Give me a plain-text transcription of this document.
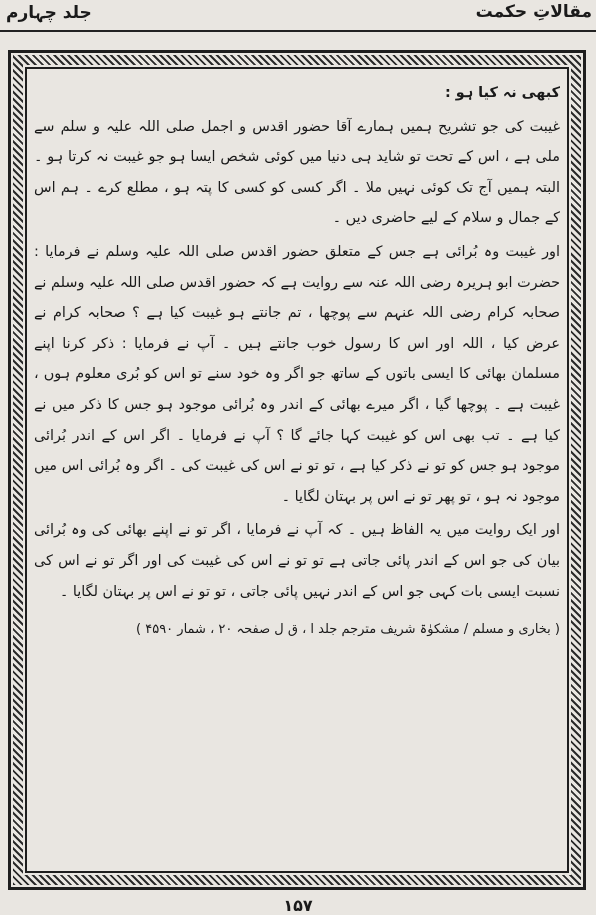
مقالاتِ حکمت
جلد چہارم

کبھی نہ کیا ہو :

غیبت کی جو تشریح ہمیں ہمارے آقا حضور اقدس و اجمل صلی اللہ علیہ و سلم سے ملی ہے ، اس کے تحت تو شاید ہی دنیا میں کوئی شخص ایسا ہو جو غیبت نہ کرتا ہو ۔ البتہ ہمیں آج تک کوئی نہیں ملا ۔ اگر کسی کو کسی کا پتہ ہو ، مطلع کرے ۔ ہم اس کے جمال و سلام کے لیے حاضری دیں ۔

اور غیبت وہ بُرائی ہے جس کے متعلق حضور اقدس صلی اللہ علیہ وسلم نے فرمایا : حضرت ابو ہریرہ رضی اللہ عنہ سے روایت ہے کہ حضور اقدس صلی اللہ علیہ وسلم نے صحابہ کرام رضی اللہ عنہم سے پوچھا ، تم جانتے ہو غیبت کیا ہے ؟ صحابہ کرام نے عرض کیا ، اللہ اور اس کا رسول خوب جانتے ہیں ۔ آپ نے فرمایا : ذکر کرنا اپنے مسلمان بھائی کا ایسی باتوں کے ساتھ جو اگر وہ خود سنے تو اس کو بُری معلوم ہوں ، غیبت ہے ۔ پوچھا گیا ، اگر میرے بھائی کے اندر وہ بُرائی موجود ہو جس کا ذکر میں نے کیا ہے ۔ تب بھی اس کو غیبت کہا جائے گا ؟ آپ نے فرمایا ۔ اگر اس کے اندر بُرائی موجود ہو جس کو تو نے ذکر کیا ہے ، تو تو نے اس کی غیبت کی ۔ اگر وہ بُرائی اس میں موجود نہ ہو ، تو پھر تو نے اس پر بہتان لگایا ۔

اور ایک روایت میں یہ الفاظ ہیں ۔ کہ آپ نے فرمایا ، اگر تو نے اپنے بھائی کی وہ بُرائی بیان کی جو اس کے اندر پائی جاتی ہے تو تو نے اس کی غیبت کی اور اگر تو نے اس کی نسبت ایسی بات کہی جو اس کے اندر نہیں پائی جاتی ، تو تو نے اس پر بہتان لگایا ۔

( بخاری و مسلم / مشکوٰۃ شریف مترجم جلد ا ، ق ل صفحہ ۲۰ ، شمار ۴۵۹۰ )

۱۵۷
